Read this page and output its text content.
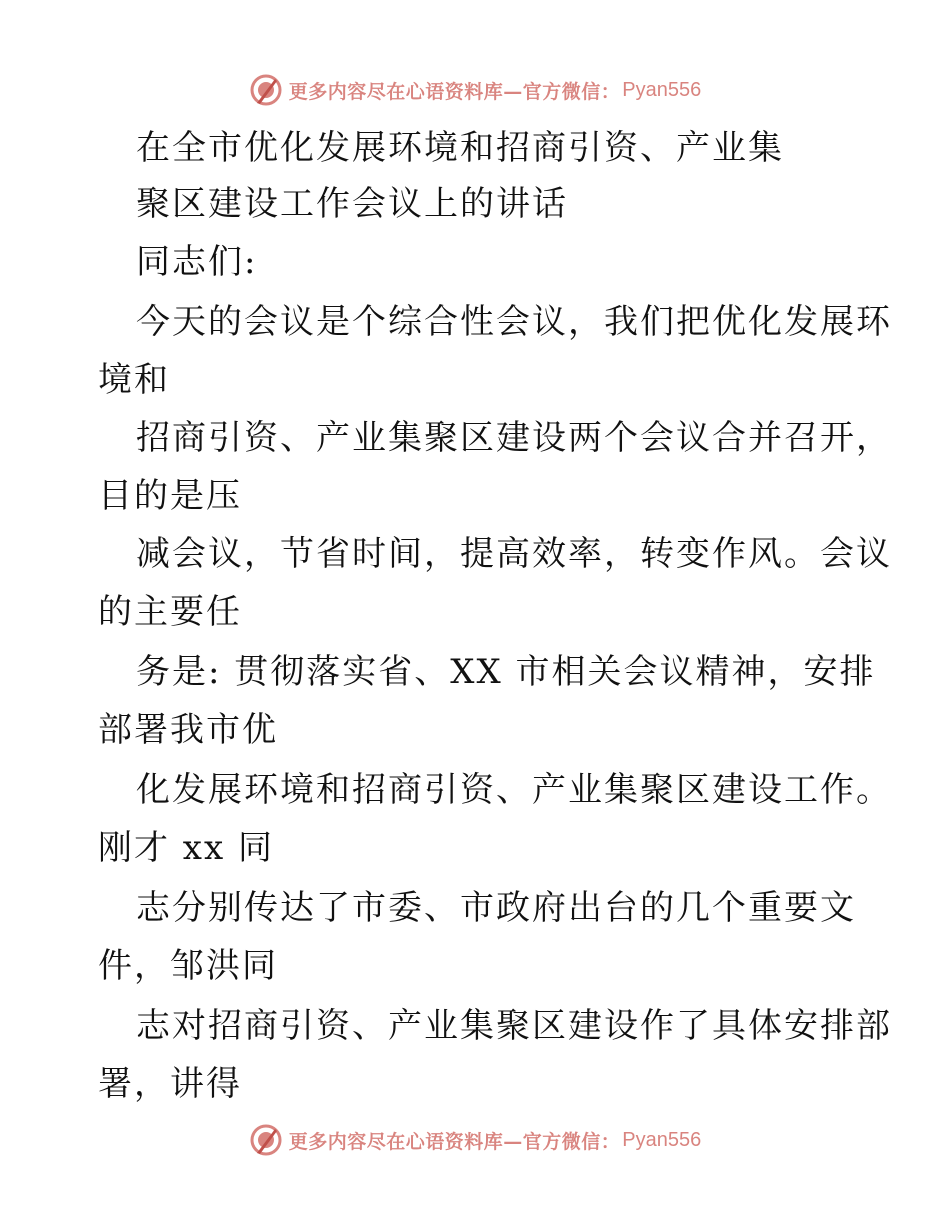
更多内容尽在心语资料库—官方微信： Pyan556
在全市优化发展环境和招商引资、产业集
聚区建设工作会议上的讲话
同志们:
今天的会议是个综合性会议，我们把优化发展环
境和
招商引资、产业集聚区建设两个会议合并召开，
目的是压
减会议，节省时间，提高效率，转变作风。会议
的主要任
务是: 贯彻落实省、XX 市相关会议精神，安排
部署我市优
化发展环境和招商引资、产业集聚区建设工作。
刚才 xx 同
志分别传达了市委、市政府出台的几个重要文
件，邹洪同
志对招商引资、产业集聚区建设作了具体安排部
署，讲得
更多内容尽在心语资料库—官方微信： Pyan556
